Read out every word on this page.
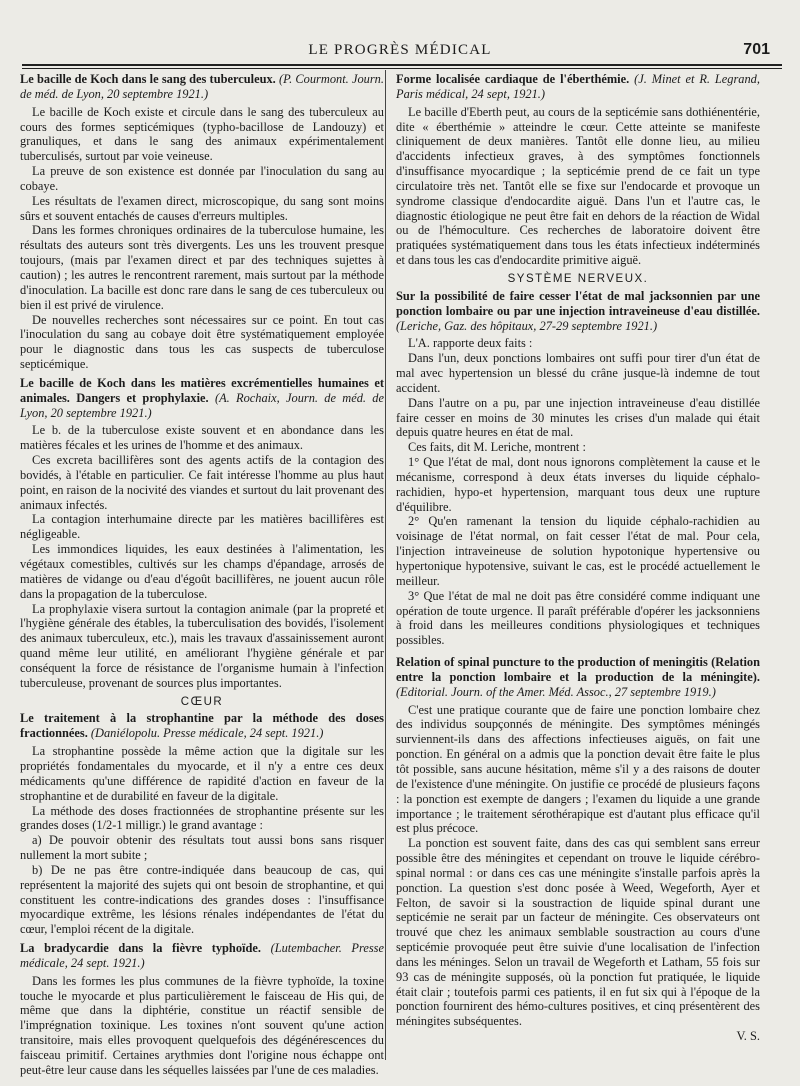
LE PROGRÈS MÉDICAL	701

Le bacille de Koch dans le sang des tuberculeux. (P. Courmont. Journ. de méd. de Lyon, 20 septembre 1921.)

Le bacille de Koch existe et circule dans le sang des tuberculeux au cours des formes septicémiques (typho-bacillose de Landouzy) et granuliques, et dans le sang des animaux expérimentalement tuberculisés, surtout par voie veineuse.

La preuve de son existence est donnée par l'inoculation du sang au cobaye.

Les résultats de l'examen direct, microscopique, du sang sont moins sûrs et souvent entachés de causes d'erreurs multiples.

Dans les formes chroniques ordinaires de la tuberculose humaine, les résultats des auteurs sont très divergents. Les uns les trouvent presque toujours, (mais par l'examen direct et par des techniques sujettes à caution) ; les autres le rencontrent rarement, mais surtout par la méthode d'inoculation. La bacille est donc rare dans le sang de ces tuberculeux ou bien il est privé de virulence.

De nouvelles recherches sont nécessaires sur ce point. En tout cas l'inoculation du sang au cobaye doit être systématiquement employée pour le diagnostic dans tous les cas suspects de tuberculose septicémique.

Le bacille de Koch dans les matières excrémentielles humaines et animales. Dangers et prophylaxie. (A. Rochaix, Journ. de méd. de Lyon, 20 septembre 1921.)

Le b. de la tuberculose existe souvent et en abondance dans les matières fécales et les urines de l'homme et des animaux.

Ces excreta bacillifères sont des agents actifs de la contagion des bovidés, à l'étable en particulier. Ce fait intéresse l'homme au plus haut point, en raison de la nocivité des viandes et surtout du lait provenant des animaux infectés.

La contagion interhumaine directe par les matières bacillifères est négligeable.

Les immondices liquides, les eaux destinées à l'alimentation, les végétaux comestibles, cultivés sur les champs d'épandage, arrosés de matières de vidange ou d'eau d'égoût bacillifères, ne jouent aucun rôle dans la propagation de la tuberculose.

La prophylaxie visera surtout la contagion animale (par la propreté et l'hygiène générale des étables, la tuberculisation des bovidés, l'isolement des animaux tuberculeux, etc.), mais les travaux d'assainissement auront quand même leur utilité, en améliorant l'hygiène générale et par conséquent la force de résistance de l'organisme humain à l'infection tuberculeuse, provenant de sources plus importantes.

CŒUR

Le traitement à la strophantine par la méthode des doses fractionnées. (Daniélopolu. Presse médicale, 24 sept. 1921.)

La strophantine possède la même action que la digitale sur les propriétés fondamentales du myocarde, et il n'y a entre ces deux médicaments qu'une différence de rapidité d'action en faveur de la strophantine et de durabilité en faveur de la digitale.

La méthode des doses fractionnées de strophantine présente sur les grandes doses (1/2-1 milligr.) le grand avantage :

a) De pouvoir obtenir des résultats tout aussi bons sans risquer nullement la mort subite ;

b) De ne pas être contre-indiquée dans beaucoup de cas, qui représentent la majorité des sujets qui ont besoin de strophantine, et qui constituent les contre-indications des grandes doses : l'insuffisance myocardique extrême, les lésions rénales indépendantes de l'état du cœur, l'emploi récent de la digitale.

La bradycardie dans la fièvre typhoïde. (Lutembacher. Presse médicale, 24 sept. 1921.)

Dans les formes les plus communes de la fièvre typhoïde, la toxine touche le myocarde et plus particulièrement le faisceau de His qui, de même que dans la diphtérie, constitue un réactif sensible de l'imprégnation toxinique. Les toxines n'ont souvent qu'une action transitoire, mais elles provoquent quelquefois des dégénérescences du faisceau primitif. Certaines arythmies dont l'origine nous échappe ont peut-être leur cause dans les séquelles laissées par l'une de ces maladies.

Forme localisée cardiaque de l'éberthémie. (J. Minet et R. Legrand, Paris médical, 24 sept, 1921.)

Le bacille d'Eberth peut, au cours de la septicémie sans dothiénentérie, dite « éberthémie » atteindre le cœur. Cette atteinte se manifeste cliniquement de deux manières. Tantôt elle donne lieu, au milieu d'accidents infectieux graves, à des symptômes fonctionnels d'insuffisance myocardique ; la septicémie prend de ce fait un type circulatoire très net. Tantôt elle se fixe sur l'endocarde et provoque un syndrome classique d'endocardite aiguë. Dans l'un et l'autre cas, le diagnostic étiologique ne peut être fait en dehors de la réaction de Widal ou de l'hémoculture. Ces recherches de laboratoire doivent être pratiquées systématiquement dans tous les états infectieux indéterminés et dans tous les cas d'endocardite primitive aiguë.

SYSTÈME NERVEUX.

Sur la possibilité de faire cesser l'état de mal jacksonnien par une ponction lombaire ou par une injection intraveineuse d'eau distillée. (Leriche, Gaz. des hôpitaux, 27-29 septembre 1921.)

L'A. rapporte deux faits :

Dans l'un, deux ponctions lombaires ont suffi pour tirer d'un état de mal avec hypertension un blessé du crâne jusque-là indemne de tout accident.

Dans l'autre on a pu, par une injection intraveineuse d'eau distillée faire cesser en moins de 30 minutes les crises d'un malade qui était depuis quatre heures en état de mal.

Ces faits, dit M. Leriche, montrent :

1° Que l'état de mal, dont nous ignorons complètement la cause et le mécanisme, correspond à deux états inverses du liquide céphalo-rachidien, hypo-et hypertension, marquant tous deux une rupture d'équilibre.

2° Qu'en ramenant la tension du liquide céphalo-rachidien au voisinage de l'état normal, on fait cesser l'état de mal. Pour cela, l'injection intraveineuse de solution hypotonique hypertensive ou hypertonique hypotensive, suivant le cas, est le procédé actuellement le meilleur.

3° Que l'état de mal ne doit pas être considéré comme indiquant une opération de toute urgence. Il paraît préférable d'opérer les jacksonniens à froid dans les meilleures conditions physiologiques et techniques possibles.

Relation of spinal puncture to the production of meningitis (Relation entre la ponction lombaire et la production de la méningite). (Editorial. Journ. of the Amer. Méd. Assoc., 27 septembre 1919.)

C'est une pratique courante que de faire une ponction lombaire chez des individus soupçonnés de méningite. Des symptômes méningés surviennent-ils dans des affections infectieuses aiguës, on fait une ponction. En général on a admis que la ponction devait être faite le plus tôt possible, sans aucune hésitation, même s'il y a des raisons de douter de l'existence d'une méningite. On justifie ce procédé de plusieurs façons : la ponction est exempte de dangers ; l'examen du liquide a une grande importance ; le traitement sérothérapique est d'autant plus efficace qu'il est plus précoce.

La ponction est souvent faite, dans des cas qui semblent sans erreur possible être des méningites et cependant on trouve le liquide cérébro-spinal normal : or dans ces cas une méningite s'installe parfois après la ponction. La question s'est donc posée à Weed, Wegeforth, Ayer et Felton, de savoir si la soustraction de liquide spinal durant une septicémie ne serait par un facteur de méningite. Ces observateurs ont trouvé que chez les animaux semblable soustraction au cours d'une septicémie provoquée peut être suivie d'une localisation de l'infection dans les méninges. Selon un travail de Wegeforth et Latham, 55 fois sur 93 cas de méningite supposés, où la ponction fut pratiquée, le liquide était clair ; toutefois parmi ces patients, il en fut six qui à l'époque de la ponction fournirent des hémo-cultures positives, et cinq présentèrent des méningites subséquentes.

V. S.
